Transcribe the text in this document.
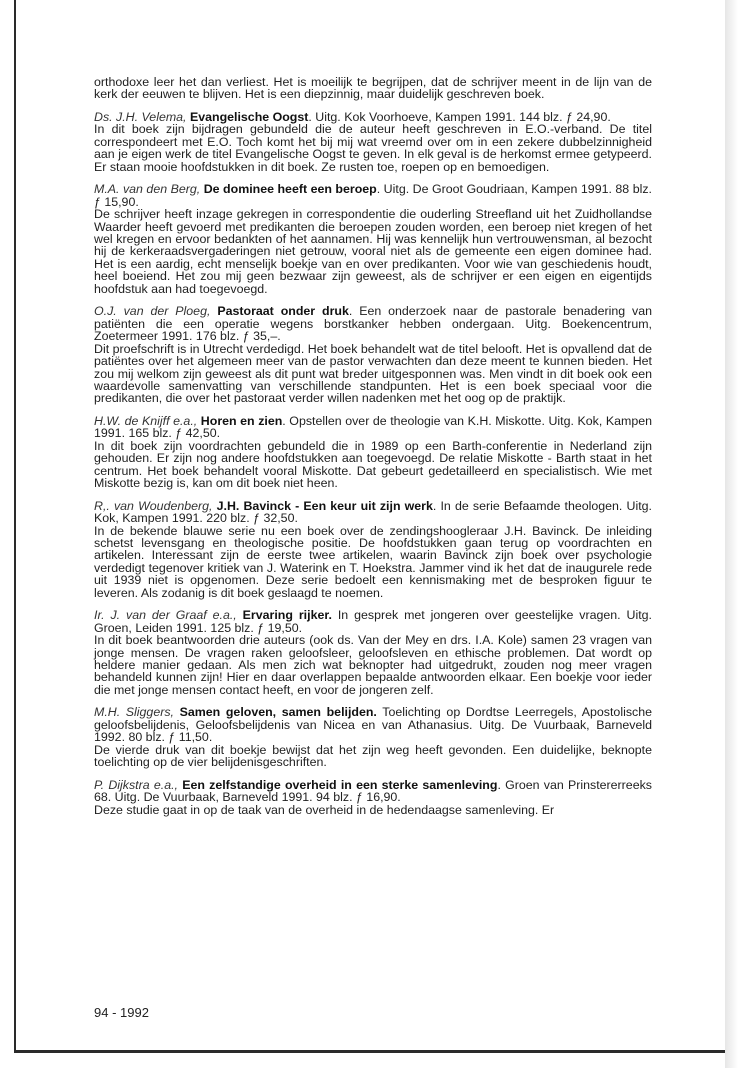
orthodoxe leer het dan verliest. Het is moeilijk te begrijpen, dat de schrijver meent in de lijn van de kerk der eeuwen te blijven. Het is een diepzinnig, maar duidelijk geschreven boek.

Ds. J.H. Velema, Evangelische Oogst. Uitg. Kok Voorhoeve, Kampen 1991. 144 blz. ƒ 24,90.

In dit boek zijn bijdragen gebundeld die de auteur heeft geschreven in E.O.-verband. De titel correspondeert met E.O. Toch komt het bij mij wat vreemd over om in een zekere dubbelzinnigheid aan je eigen werk de titel Evangelische Oogst te geven. In elk geval is de herkomst ermee getypeerd. Er staan mooie hoofdstukken in dit boek. Ze rusten toe, roepen op en bemoedigen.

M.A. van den Berg, De dominee heeft een beroep. Uitg. De Groot Goudriaan, Kampen 1991. 88 blz. ƒ 15,90.

De schrijver heeft inzage gekregen in correspondentie die ouderling Streefland uit het Zuidhollandse Waarder heeft gevoerd met predikanten die beroepen zouden worden, een beroep niet kregen of het wel kregen en ervoor bedankten of het aannamen. Hij was kennelijk hun vertrouwensman, al bezocht hij de kerkeraadsvergaderingen niet getrouw, vooral niet als de gemeente een eigen dominee had. Het is een aardig, echt menselijk boekje van en over predikanten. Voor wie van geschiedenis houdt, heel boeiend. Het zou mij geen bezwaar zijn geweest, als de schrijver er een eigen en eigentijds hoofdstuk aan had toegevoegd.

O.J. van der Ploeg, Pastoraat onder druk. Een onderzoek naar de pastorale benadering van patiënten die een operatie wegens borstkanker hebben ondergaan. Uitg. Boekencentrum, Zoetermeer 1991. 176 blz. ƒ 35,–.

Dit proefschrift is in Utrecht verdedigd. Het boek behandelt wat de titel belooft. Het is opvallend dat de patiëntes over het algemeen meer van de pastor verwachten dan deze meent te kunnen bieden. Het zou mij welkom zijn geweest als dit punt wat breder uitgesponnen was. Men vindt in dit boek ook een waardevolle samenvatting van verschillende standpunten. Het is een boek speciaal voor die predikanten, die over het pastoraat verder willen nadenken met het oog op de praktijk.

H.W. de Knijff e.a., Horen en zien. Opstellen over de theologie van K.H. Miskotte. Uitg. Kok, Kampen 1991. 165 blz. ƒ 42,50.

In dit boek zijn voordrachten gebundeld die in 1989 op een Barth-conferentie in Nederland zijn gehouden. Er zijn nog andere hoofdstukken aan toegevoegd. De relatie Miskotte - Barth staat in het centrum. Het boek behandelt vooral Miskotte. Dat gebeurt gedetailleerd en specialistisch. Wie met Miskotte bezig is, kan om dit boek niet heen.

R,. van Woudenberg, J.H. Bavinck - Een keur uit zijn werk. In de serie Befaamde theologen. Uitg. Kok, Kampen 1991. 220 blz. ƒ 32,50.

In de bekende blauwe serie nu een boek over de zendingshoogleraar J.H. Bavinck. De inleiding schetst levensgang en theologische positie. De hoofdstukken gaan terug op voordrachten en artikelen. Interessant zijn de eerste twee artikelen, waarin Bavinck zijn boek over psychologie verdedigt tegenover kritiek van J. Waterink en T. Hoekstra. Jammer vind ik het dat de inaugurele rede uit 1939 niet is opgenomen. Deze serie bedoelt een kennismaking met de besproken figuur te leveren. Als zodanig is dit boek geslaagd te noemen.

Ir. J. van der Graaf e.a., Ervaring rijker. In gesprek met jongeren over geestelijke vragen. Uitg. Groen, Leiden 1991. 125 blz. ƒ 19,50.

In dit boek beantwoorden drie auteurs (ook ds. Van der Mey en drs. I.A. Kole) samen 23 vragen van jonge mensen. De vragen raken geloofsleer, geloofsleven en ethische problemen. Dat wordt op heldere manier gedaan. Als men zich wat beknopter had uitgedrukt, zouden nog meer vragen behandeld kunnen zijn! Hier en daar overlappen bepaalde antwoorden elkaar. Een boekje voor ieder die met jonge mensen contact heeft, en voor de jongeren zelf.

M.H. Sliggers, Samen geloven, samen belijden. Toelichting op Dordtse Leerregels, Apostolische geloofsbelijdenis, Geloofsbelijdenis van Nicea en van Athanasius. Uitg. De Vuurbaak, Barneveld 1992. 80 blz. ƒ 11,50.

De vierde druk van dit boekje bewijst dat het zijn weg heeft gevonden. Een duidelijke, beknopte toelichting op de vier belijdenisgeschriften.

P. Dijkstra e.a., Een zelfstandige overheid in een sterke samenleving. Groen van Prinstererreeks 68. Uitg. De Vuurbaak, Barneveld 1991. 94 blz. ƒ 16,90.

Deze studie gaat in op de taak van de overheid in de hedendaagse samenleving. Er

94 - 1992
